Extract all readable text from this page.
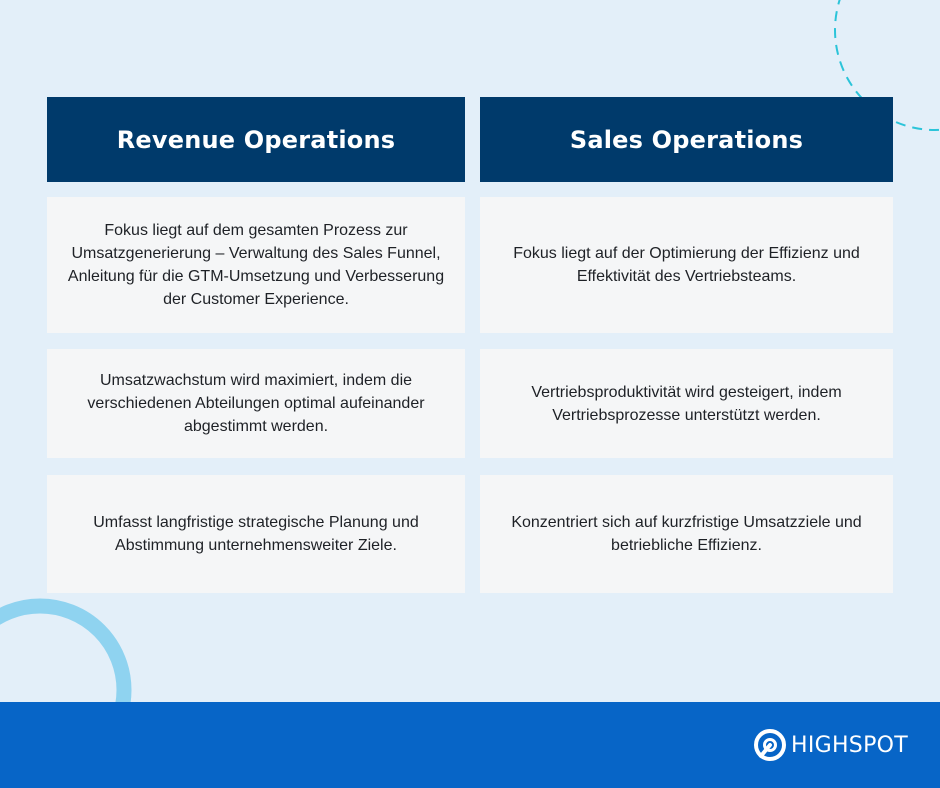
Revenue Operations	Sales Operations
Fokus liegt auf dem gesamten Prozess zur Umsatzgenerierung – Verwaltung des Sales Funnel, Anleitung für die GTM-Umsetzung und Verbesserung der Customer Experience.
Fokus liegt auf der Optimierung der Effizienz und Effektivität des Vertriebsteams.
Umsatzwachstum wird maximiert, indem die verschiedenen Abteilungen optimal aufeinander abgestimmt werden.
Vertriebsproduktivität wird gesteigert, indem Vertriebsprozesse unterstützt werden.
Umfasst langfristige strategische Planung und Abstimmung unternehmensweiter Ziele.
Konzentriert sich auf kurzfristige Umsatzziele und betriebliche Effizienz.
HIGHSPOT
